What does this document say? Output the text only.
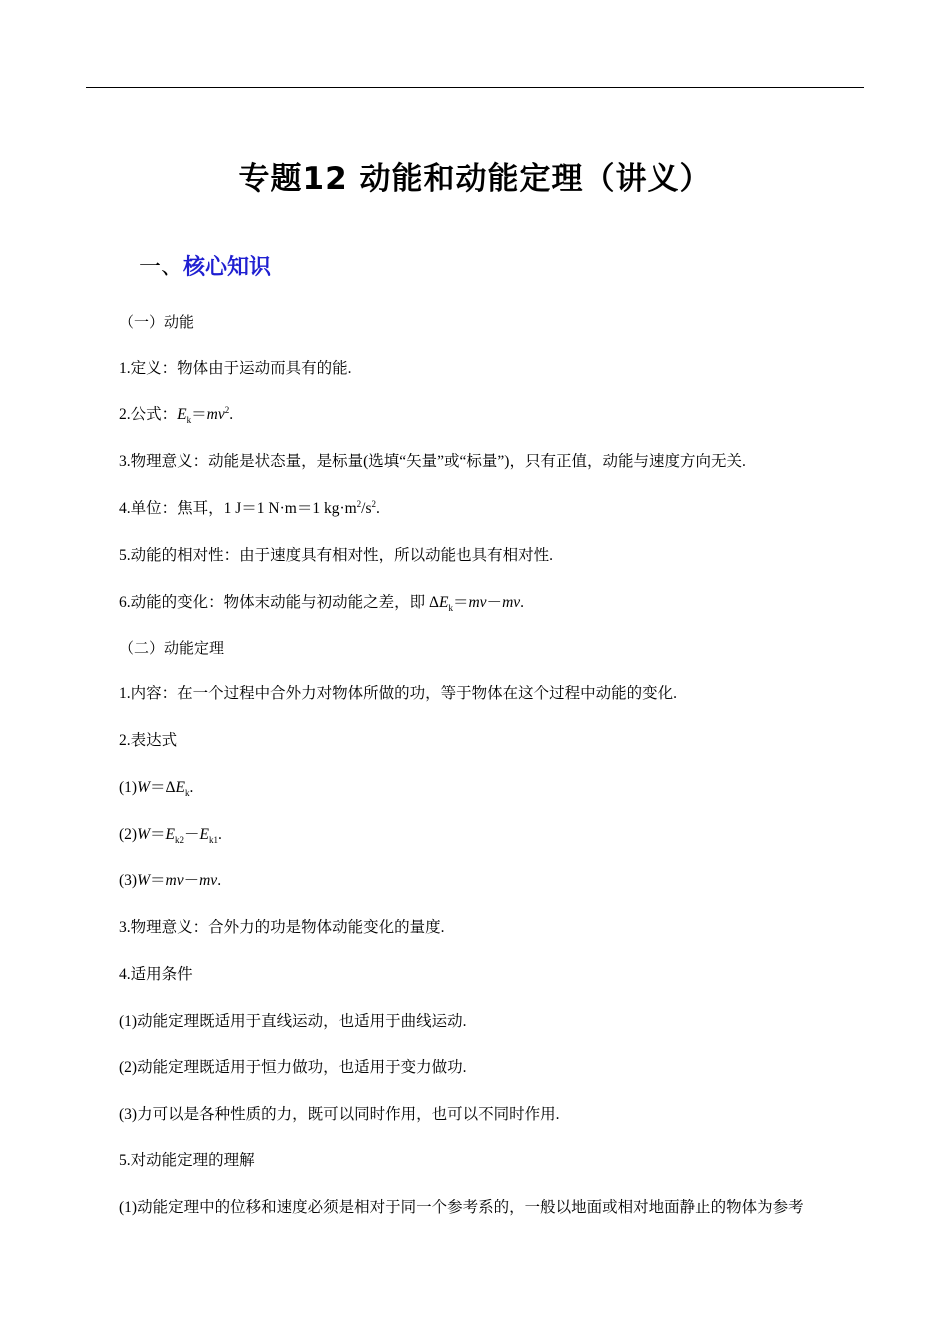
专题12 动能和动能定理（讲义）
一、核心知识
（一）动能
1.定义：物体由于运动而具有的能.
2.公式：$E_k=mv^2$.
3.物理意义：动能是状态量，是标量(选填“矢量”或“标量”)，只有正值，动能与速度方向无关.
4.单位：焦耳，1 J＝1 N·m＝1 $kg\cdot m^2/s^2$.
5.动能的相对性：由于速度具有相对性，所以动能也具有相对性.
6.动能的变化：物体末动能与初动能之差，即 $\Delta E_k=mv-mv$.
（二）动能定理
1.内容：在一个过程中合外力对物体所做的功，等于物体在这个过程中动能的变化.
2.表达式
$(1)W=\Delta E_k$.
$(2)W=E_{k2}-E_{k1}$.
(3)W＝mv－mv.
3.物理意义：合外力的功是物体动能变化的量度.
4.适用条件
(1)动能定理既适用于直线运动，也适用于曲线运动.
(2)动能定理既适用于恒力做功，也适用于变力做功.
(3)力可以是各种性质的力，既可以同时作用，也可以不同时作用.
5.对动能定理的理解
(1)动能定理中的位移和速度必须是相对于同一个参考系的，一般以地面或相对地面静止的物体为参考
